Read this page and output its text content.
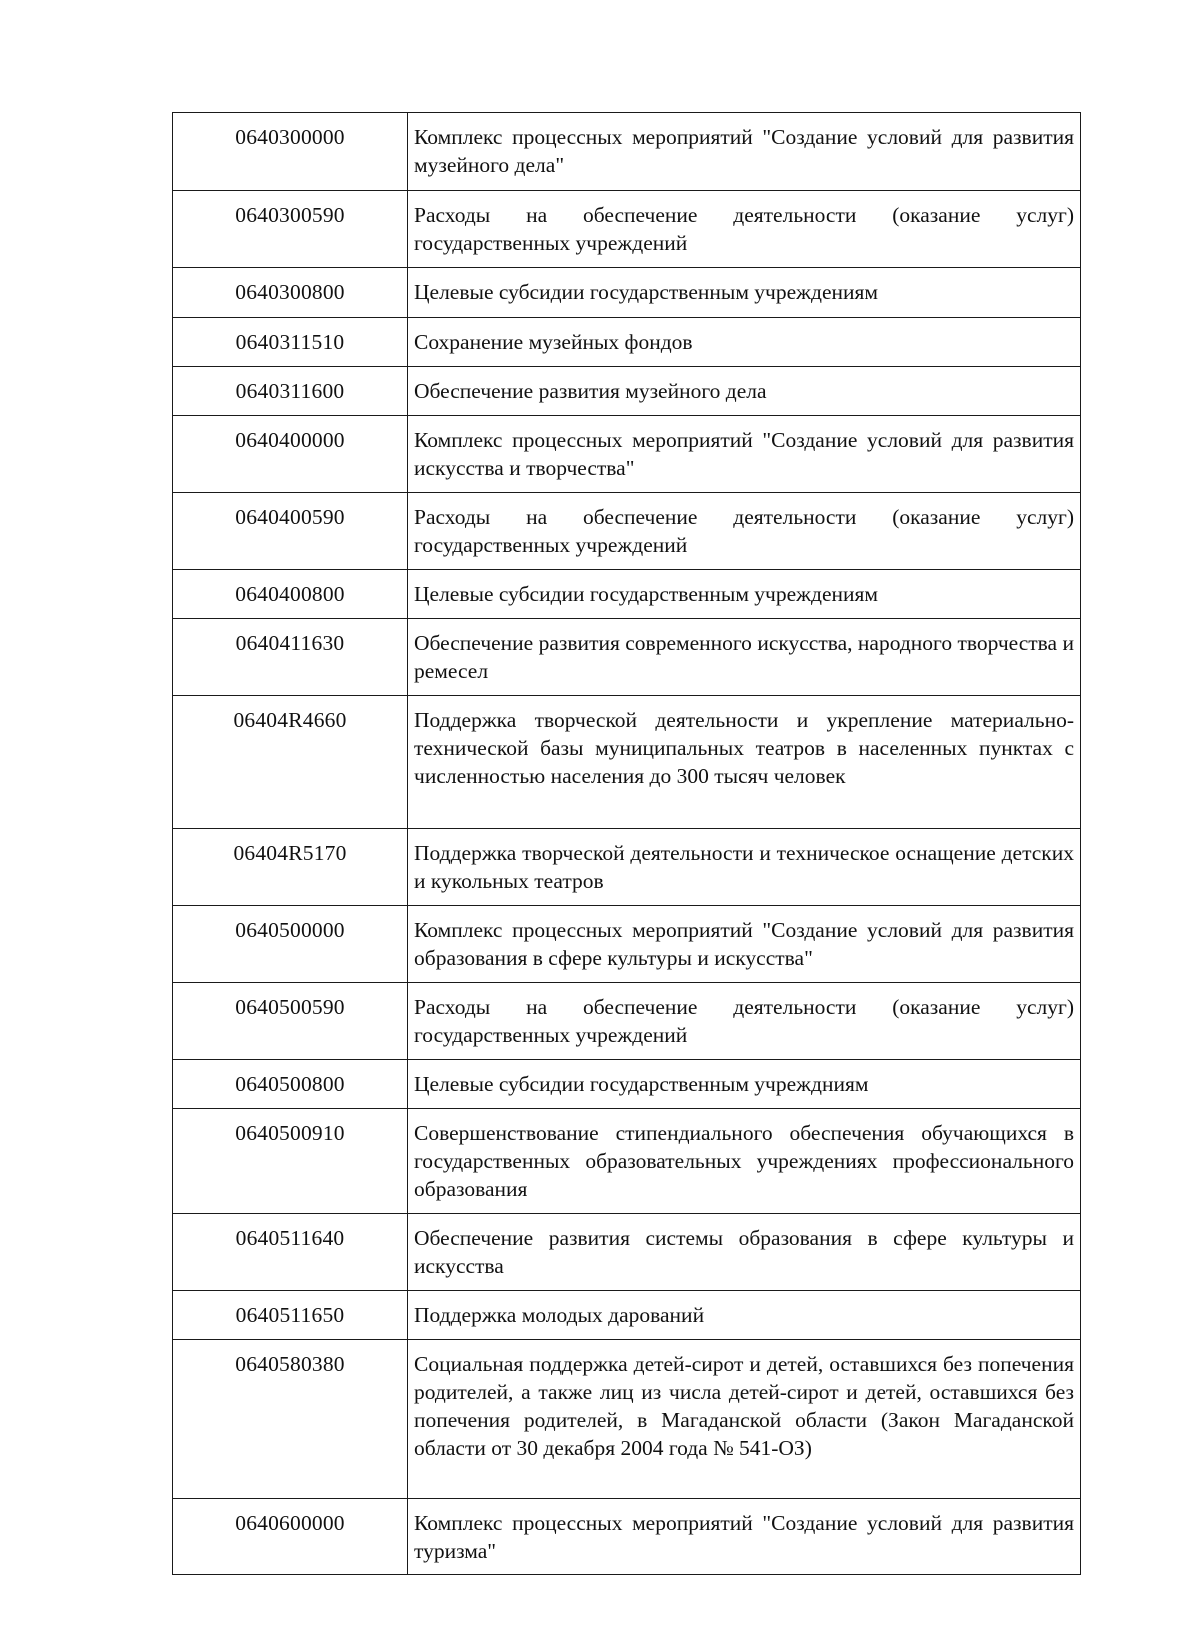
0640300000	Комплекс процессных мероприятий "Создание условий для развития музейного дела"

0640300590	Расходы на обеспечение деятельности (оказание услуг) государственных учреждений

0640300800	Целевые субсидии государственным учреждениям

0640311510	Сохранение музейных фондов

0640311600	Обеспечение развития музейного дела

0640400000	Комплекс процессных мероприятий "Создание условий для развития искусства и творчества"

0640400590	Расходы на обеспечение деятельности (оказание услуг) государственных учреждений

0640400800	Целевые субсидии государственным учреждениям

0640411630	Обеспечение развития современного искусства, народного творчества и ремесел

06404R4660	Поддержка творческой деятельности и укрепление материально-технической базы муниципальных театров в населенных пунктах с численностью населения до 300 тысяч человек

06404R5170	Поддержка творческой деятельности и техническое оснащение детских и кукольных театров

0640500000	Комплекс процессных мероприятий "Создание условий для развития образования в сфере культуры и искусства"

0640500590	Расходы на обеспечение деятельности (оказание услуг) государственных учреждений

0640500800	Целевые субсидии государственным учреждниям

0640500910	Совершенствование стипендиального обеспечения обучающихся в государственных образовательных учреждениях профессионального образования

0640511640	Обеспечение развития системы образования в сфере культуры и искусства

0640511650	Поддержка молодых дарований

0640580380	Социальная поддержка детей-сирот и детей, оставшихся без попечения родителей, а также лиц из числа детей-сирот и детей, оставшихся без попечения родителей, в Магаданской области (Закон Магаданской области от 30 декабря 2004 года № 541-ОЗ)

0640600000	Комплекс процессных мероприятий "Создание условий для развития туризма"
